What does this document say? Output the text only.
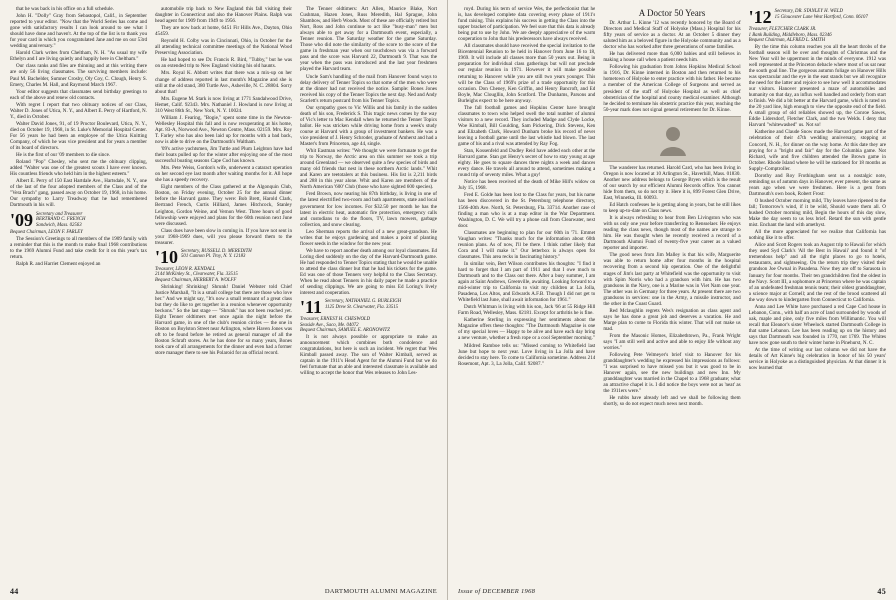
that he was back in his office on a full schedule.

John H. "Dolly" Gray from Sebastopol, Calif., in September reported to your editor. "Now that the World Series has come and gone with satisfactory results I can look around to see what I should have done and haven't. At the top of the list is to thank you for your card in which you congratulated Jane and me on our 53rd wedding anniversary."

Harold Clark writes from Cheltham, N. H. "As usual my wife Ethelyn and I are living quietly and happily here in Cheltham."

Our class ranks and files are thinning and at this writing there are only 56 living classmates. The surviving members include: Paul M. Bachelder, Sumner Crosby, Oly Coy, C. Clough, Henry S. Emery, Charles M. Hall, and Raymond March 1967.

Your editor suggests that classmates send birthday greetings to each of the above and renew old contacts.

With regret I report that two obituary notices of our Class, Walter D. Jones of Utica, N. Y., and Albert E. Perry of Hartford, N. Y., died in October.

Walter David Jones, 91, of 19 Proctor Boulevard, Utica, N. Y., died on October 19, 1968, in St. Luke's Memorial Hospital Center. For 56 years he had been an employee of the Utica Knitting Company, of which he was vice president and for years a member of its board of directors.

He is the first of our '09 members to die since.

Roland "Pop" Chesley, who sent me the obituary clipping, added "Walter was one of the greatest scouts I have ever known. His countless friends who held him in the highest esteem."

Albert E. Perry of 150 East Hartdale Ave., Hartsdale, N. Y., one of the last of the four adopted members of the Class and of the "Vera Brach" gang, passed away on October 19, 1968, in his home. Our sympathy to Larry Treadway that he had remembered Dartmouth in his will.

'09 Secretary and Treasurer
BERTRAND C. FRENCH
Sandwich, Mass. 02563
Bequest Chairman, LEON F. FARLEY

The Session's Greetings to all members of the 1909 family with a reminder that this is the month to make final 1968 contributions to the 1969 Alumni Fund and take credit for it on this year's tax return.

Ralph R. and Harriet Clement enjoyed an

automobile trip back to New England this fall visiting their daughter in Connecticut and also the Hanover Plains. Ralph was head agent for 1909 from 1949 to 1956.

They are now back at home, 6451 Fir Hills Ave., Dayton, Ohio 45459.

Reynold H. Colby was in Cincinnati, Ohio, in October for the all attending technical committee meetings of the National Wood Preserving Association.

He had hoped to see Dr. Francis R. Bird, "Tubby," but he was on an extended trip to New England visiting his old haunts.

Mrs. Royal K. Abbott writes that there was a mix-up on her change of address reported in last month's Magazine and she is still at the old stand, 380 Turtle Ave., Asheville, N. C. 28804. Sorry about that!

Mrs. Eugene M. Stark is now living at 1771 Sandalwood Drive, Hemet, Calif. 92343. Mrs. Nathaniel J. Howland is now living at 310 West 86th St., New York, N. Y. 10024.

William J. Fearing, "Bogie," spent some time in the Newton-Wellesley Hospital this fall and is now recuperating at his home, Apt. 83-A, Norwood Ave., Newton Centre, Mass. 02159. Mrs. Roy T. Farley who has also been laid up for months with a bad back, now is able to drive on the Dartmouth's Waltham.

'09's active yachtsmen, Jim Tuttle and Plum Leighton have had their boats pulled up for the winter after enjoying one of the most successful boating seasons Cape Cod has known.

Mrs. Pete Weiss, Gordon's wife, underwent a cataract operation on her second eye last month after waiting months for it. All hope she has a speedy recovery.

Eight members of the Class gathered at the Algonquin Club, Boston, on Friday evening, October 25 for the annual dinner before the Harvard game. They were: Bob Brett, Harold Clark, Bertrand French, Curtis Hilliard, James Hitchcock, Stanley Leighton, Gordon Weine, and Vernon West. Three hours of good fellowship were enjoyed and plans for the 60th reunion next June were discussed.

Class dues have been slow in coming in. If you have not sent in your 1968-1969 dues, will you please forward them to the treasurer.

'10 Secretary, RUSSELL D. MEREDITH
501 Cannon Pl. Troy, N. Y. 12183
Treasurer, LEON R. KENDALL
2144 McKinley St., Clearwater, Fla. 33515
Bequest Chairman, HERBERT A. WOLFF

Shrinking! Shrinking! Shrunk! Daniel Webster told Chief Justice Marshall, "It is a small college but there are those who love her." And we might say, "It's now a small remnant of a great class but they do like to get together in a reunion whenever opportunity beckons." So the last stage — "Shrunk" has not been reached yet. Eight Tenner oldtimers met once again the night before the Harvard game, in one of the club's reunion circles — the one in Boston on Boylston Street near Arlington, where Haven Jones was oft to be found before he retired as general manager of all the Boston Schraft stores. As he has done for so many years, Bones took care of all arrangements for the dinner and even had a former store manager there to see his Polaroid for an official record.

The Tenner oldtimers: Art Allen, Maurice Blake, Nort Cushman, Hazen Jones, Russ Meredith, Hal Sprague, John Shambow, and Herb Woods. Most of these are officially retired but Nort, Ross and John continue to act like "busy-man" men but always able to get away for a Dartmouth event, especially, a Tenner reunion. The Saturday weather for the game Saturday. Those who did note the similarity of the score to the score of the game in freshman year when our touchdown was via a forward pass and the score was Harvard 22, Dartmouth 9. That was the year when the pass was introduced and the last year freshmen played the Harvard team.

Uncle Sam's handling of the mail from Hanover found ways to delay delivery of Tenner Topics so that some of the men who were at the dinner had not received the notice. Sample: Bones Jones received his copy of the Tenner Topics the next day. Ned and Andy Scarlett's return postcard from his Tenner Topics.

Our sympathy goes to Vic Willis and his family in the sudden death of his son, Frederick S. This tragic news comes by the way of Vic's letter to Mac Kendall when he returned the Tenner Topics ballot. He was stricken while driving home from a week's study course at Harvard with a group of investment bankers. He was a vice president of J. Henry Schroder, graduate of Amherst and had a Master's from Princeton, age 44, single.

Whit Eastman writes: "We thought we were fortunate to get the trip to Norway, the Arctic area on this summer we took a trip around Greenland — we observed quite a few species of birds and many old friends that nest in these northern Arctic lands." Whit and Karen are teetotalers at this business. His list is 2,211 birds and 288 in this year alone. Whit and Karen are members of the North American '600' Club (those who have sighted 600 species).

Fred Brown, now nearing his 87th birthday, is living in one of the latest electrified two-room and bath apartments, state and local government for low incomes. For $32.50 per month he has the latest in electric heat, automatic fire protection, emergency calls and custodians to do the floors, TV, lawn mowers, garbage collection, and snow clearing.

Leo Sherman reports the arrival of a new great-grandson. He writes that he enjoys gardening and makes a point of planting flower seeds in the window for the new year.

We have to report another death among our loyal classmates. Ed Loring died suddenly on the day of the Harvard-Dartmouth game. He had responded to Tenner Topics stating that he would be unable to attend the class dinner but that he had his tickets for the game. Ed was one of those Tenners very helpful to the Class Secretary. When he read about Tenners in his daily paper he made a practice of sending clippings. We are going to miss Ed Loring's lively interest and cooperation.

'11 Secretary, NATHANIEL G. BURLEIGH
1125 Drew St. Clearwater, Fla. 33515
Treasurer, ERNEST H. CHESWOLD
Seaside Ave., Saco, Me. 04072
Bequest Chairman, SAMUEL E. ARONOWITZ

It is not always possible or appropriate to make an announcement which combines both condolence and congratulations, but here is such an incident. We regret that Wes Kimball passed away. The son of Walter Kimball, served as captain in the 1911's Head Agent for the Alumni Fund but we do feel fortunate that an able and interested classmate is available and willing to accept the honor that Wes releases to John Les-

44	DARTMOUTH ALUMNI MAGAZINE

royd. During his term of service Wes, the perfectionist that he is, has developed complete data covering every phase of 1911's fund raising. This explains his success in getting the Class into the upper bracket of participation. We feel sure that this data is already being put to use by John. We are deeply appreciative of the warm cooperation to John that his predecessors have always received.

All classmates should have received the special invitation to the Bicentennial Reunion to be held in Hanover from June 16 to 18, 1969. It will include all classes more than 50 years out. Being in preparation for individual class gatherings but will not preclude our regular reunion in 1971. However it will make possible returning to Hanover while you are still two years younger. This will be the Class of 1969's prize of a trade opportunity for this occasion. Don Cheney, Ken Griffin, and Henry Bancroft, and Ed Boyle, Mac Clougllin, John Scotford. The Dunhams, Parsons and Burleighs expect to be here anyway.

The fall football games and Hopkins Center have brought classmates to town who helped swell the total number of alumni visitors to a new record. They included Madge and Clyde Locke, Woe Kimball, Bill Goulding, Sam Pickering, Dick Stevens, Ken and Elizabeth Clark, Howard Dunham broke his record of never leaving a football game until the last whistle had blown. The last game of his and a rival was attended by Ray Fog.

Stan, Kossenfeld and Dudley Reid have added each other at the Harvard game. Stan got Henry's secret of how to stay young at age eighty. He goes to square dances three nights a week and dances every dance. He travels all around to attend, sometimes making a round trip of seventy miles. What a guy!

Notice has been received of the death of Mike Hill's widow on July 15, 1968.

Fred E. Golde has been lost to the Class for years, but his name has been discovered in the St. Petersburg telephone directory, 1566-40th Ave. North, St. Petersburg, Fla. 33714. Another case of finding a man who is at a map editor in the War Department. Washington, D. C. We will try a phone call from Clearwater, next door.

Classmates are beginning to plan for our 60th in '71. Emmet Vaughan writes: "Thanks much for the information about 60th reunion plans. As of now, I'll be there. I think rather likely that Cora and I will make it." Our letterbox is always open for classmates. This area recks in fascinating history."

In similar vein, Bert Wilson contributes his thoughts: "I find it hard to forget that I am part of 1911 and that I owe much to Dartmouth and to the Class out there. After a busy summer, I am again at Saint Andrews, Greenville, awaiting. Looking forward to a mid-winter trip to California to visit my children at La Jolla, Pasadena, Los Altos, and Edwards A.F.B. Though I did not get to Whitefield last June, shall await information for 1961."

Dutch Whitman is living with his son, Jack '66 at 55 Ridge Hill Farm Road, Wellesley, Mass. 02181. Except for arthritis he is fine.

Katherine Sterling in expressing her sentiments about the Magazine offers these thoughts: "The Dartmouth Magazine is one of my special loves — Happy to be alive and have each day bring a new venture, whether a fresh rope or a cool September morning."

Mildred Ramboe tells us: "Missed coming to Whitefield last June but hope to next year. Love living in La Jolla and have decided to stay here. To come to California sometime. Address 214 Rosemont, Apt. 3, La Jolla, Calif. 92087."

A Doctor 50 Years

Dr. Arthur L. Kinne '12 was recently honored by the Board of Directors and Medical Staff of Holyoke (Mass.) Hospital for his fifty years of service as a doctor. At an October 5 dinner they saluted him as a beloved figure in the Holyoke community and as a doctor who has worked after three generations of some families.

He has delivered more than 6,000 babies and still believes in making a house call when a patient needs him.

Following his graduation from Johns Hopkins Medical School in 1916, Dr. Kinne interned in Boston and then returned to his hometown of Holyoke to enter practice with his father. He became a member of the American College of Surgeons and served as president of the staff of Holyoke Hospital as well as chief obstetrician of the hospital and county medical examiner. Although he decided to terminate his obstetric practice this year, reaching the 50-year mark does not signal general retirement for Dr. Kinne.

The wanderer has returned. Harold Card, who has been living in Oregon is now located at 10 Arlington St., Haverhill, Mass. 01830. Another new address belongs to George Bryen which is the result of our search by our efficient Alumni Records office. You cannot hide from them, so do not try it. Here it is, 899 Forest Glen Drive, East, Winnetka, Ill. 60093.

Ed Hatch confesses he is getting along in years, but he still likes to keep up-to-date on Class news.

It is always refreshing to hear from Ben Livingston who was with us only one year before transferring to Rensselaer. He enjoys reading the class news, though most of the names are strange to him. He was thought when he recently received a record of a Dartmouth Alumni Fund of twenty-five year career as a valued reporter and importer.

The good news from Jim Malley is that his wife, Marguerite was able to return home after four months in the hospital recovering from a second hip operation. One of the delightful stages of Jim's last party at Whitefield was the opportunity to visit with Spim Norris who had a grandson with him. He has two grandsons in the Navy, one is a Marine was in Viet Nam one year. The other was in Germany for three years. At present there are two grandsons in services: one in the Army, a missile instructor, and the other in the Coast Guard.

Red Mclaughlin regrets Wes's resignation as class agent and says he has done a great job and deserves a vacation. He and Marge plan to come to Florida this winter. That will not make us mad.

From the Masonic Homes, Elizabethtown, Pa., Frank Wright says "I am still well and active and able to enjoy life without any worries."

Following Pete Velmeyer's brief visit to Hanover for his granddaughter's wedding he expressed his impressions as follows: "I was surprised to have missed you but it was good to be in Hanover again, see the new buildings and new Inn. My granddaughter was married in the Chapel to a 1968 graduate; what an attractive chapel it is. I did notice the boys were not as 'neat' as the 1911ers were."

He rubbs have already left and we shall be following them shortly, so do not expect much news next month.

'12 Secretary, DR. STANLEY H. WELD
15 Gloucester Lane West Hartford, Conn. 06107
Treasurer, FLETCHER CLARK JR.
1 Bank Building, Middleboro, Mass. 02346
Bequest Chairman, ALFRED L. SMITH

By the time this column reaches you all the heart throbs of the football season will be over and thoughts of Christmas and the New Year will be uppermost in the minds of everyone. 1912 was well represented at the Princeton debacle where most of us sat near the south goal line. The gorgeous autumn foliage on Hanover Hills was spectacular and the eye in the east stands but we all recognize the need for the latter and rejoice to see how well it accommodates our visitors. Hanover presented a maze of automobiles and humanity on that day, an influx well handled and orderly from start to finish. We did a bit better at the Harvard game, which is rated on the 20 yard line, high enough to view the opposite end of the field. A small group of old reliables showed up, the Conroe Sawes, Eddie Lidersdorf, Fletcher Clark, and the two Welds. I deny that Harvard "whitewashed" us. Not so!

Katherine and Claude Snow made the Harvard game part of the celebration of their 47th wedding anniversary, stopping at Concord, N. H., for dinner on the way home. At this date they are praying for a "bright and fair" day for the Columbia game. Not Richard, wife and five children attended the Brown game in October. Rhode Island where he will be stationed for 18 months as Supply-Comptroller.

Dorothy and Roy Frothingham sent us a nostalgic note, reminding us of autumn days in Hanover, ever present, the same as years ago when we were freshmen. Here is a gem from Dartmouth's own book, Robert Frost:

O hushed October morning mild, Thy leaves have ripened to the fall; Tomorrow's wind, if it be wild, Should waste them all. O hushed October morning mild, Begin the hours of this day slow, Make the day seem to us less brief. Retard the sun with gentle mist. Enchant the land with amethyst.

All the more appreciated for we realize that California has nothing like it to offer.

Alice and Scott Rogers took an August trip to Hawaii for which they used Syd Clark's 'All the Best in Hawaii' and found it "of tremendous help" and all the right places to go to hotels, restaurants, and sightseeing. On the return trip they visited their grandson Joe Ownal in Pasadena. Now they are off to Sarasota in January for four months. Their ten grandchildren find the oldest in the Navy. Scott III, a sophomore at Princeton where he was captain of an undefeated freshman tennis team; their oldest granddaughter, a science major at Cornell; and the rest of the brood scattered all the way down to kindergarten from Connecticut to California.

Anna and Lee White have purchased a red Cape Cod house in Lebanon, Conn., with half an acre of land surrounded by woods of oak, maple and pine, only five miles from Willimantic. You will recall that Eleanor's sister Wheelock started Dartmouth College in that same Lebanon. Lee has been reading up on the history and says that Dartmouth was founded in 1770, not 1769. The Whites have now gone south to their winter home in Pinehurst, N. C.

At the time of writing our last column we did not have the details of Art Kinne's big celebration in honor of his 50 years' service in Holyoke as a distinguished physician. At that dinner it is now learned that

Issue of DECEMBER 1968	45
